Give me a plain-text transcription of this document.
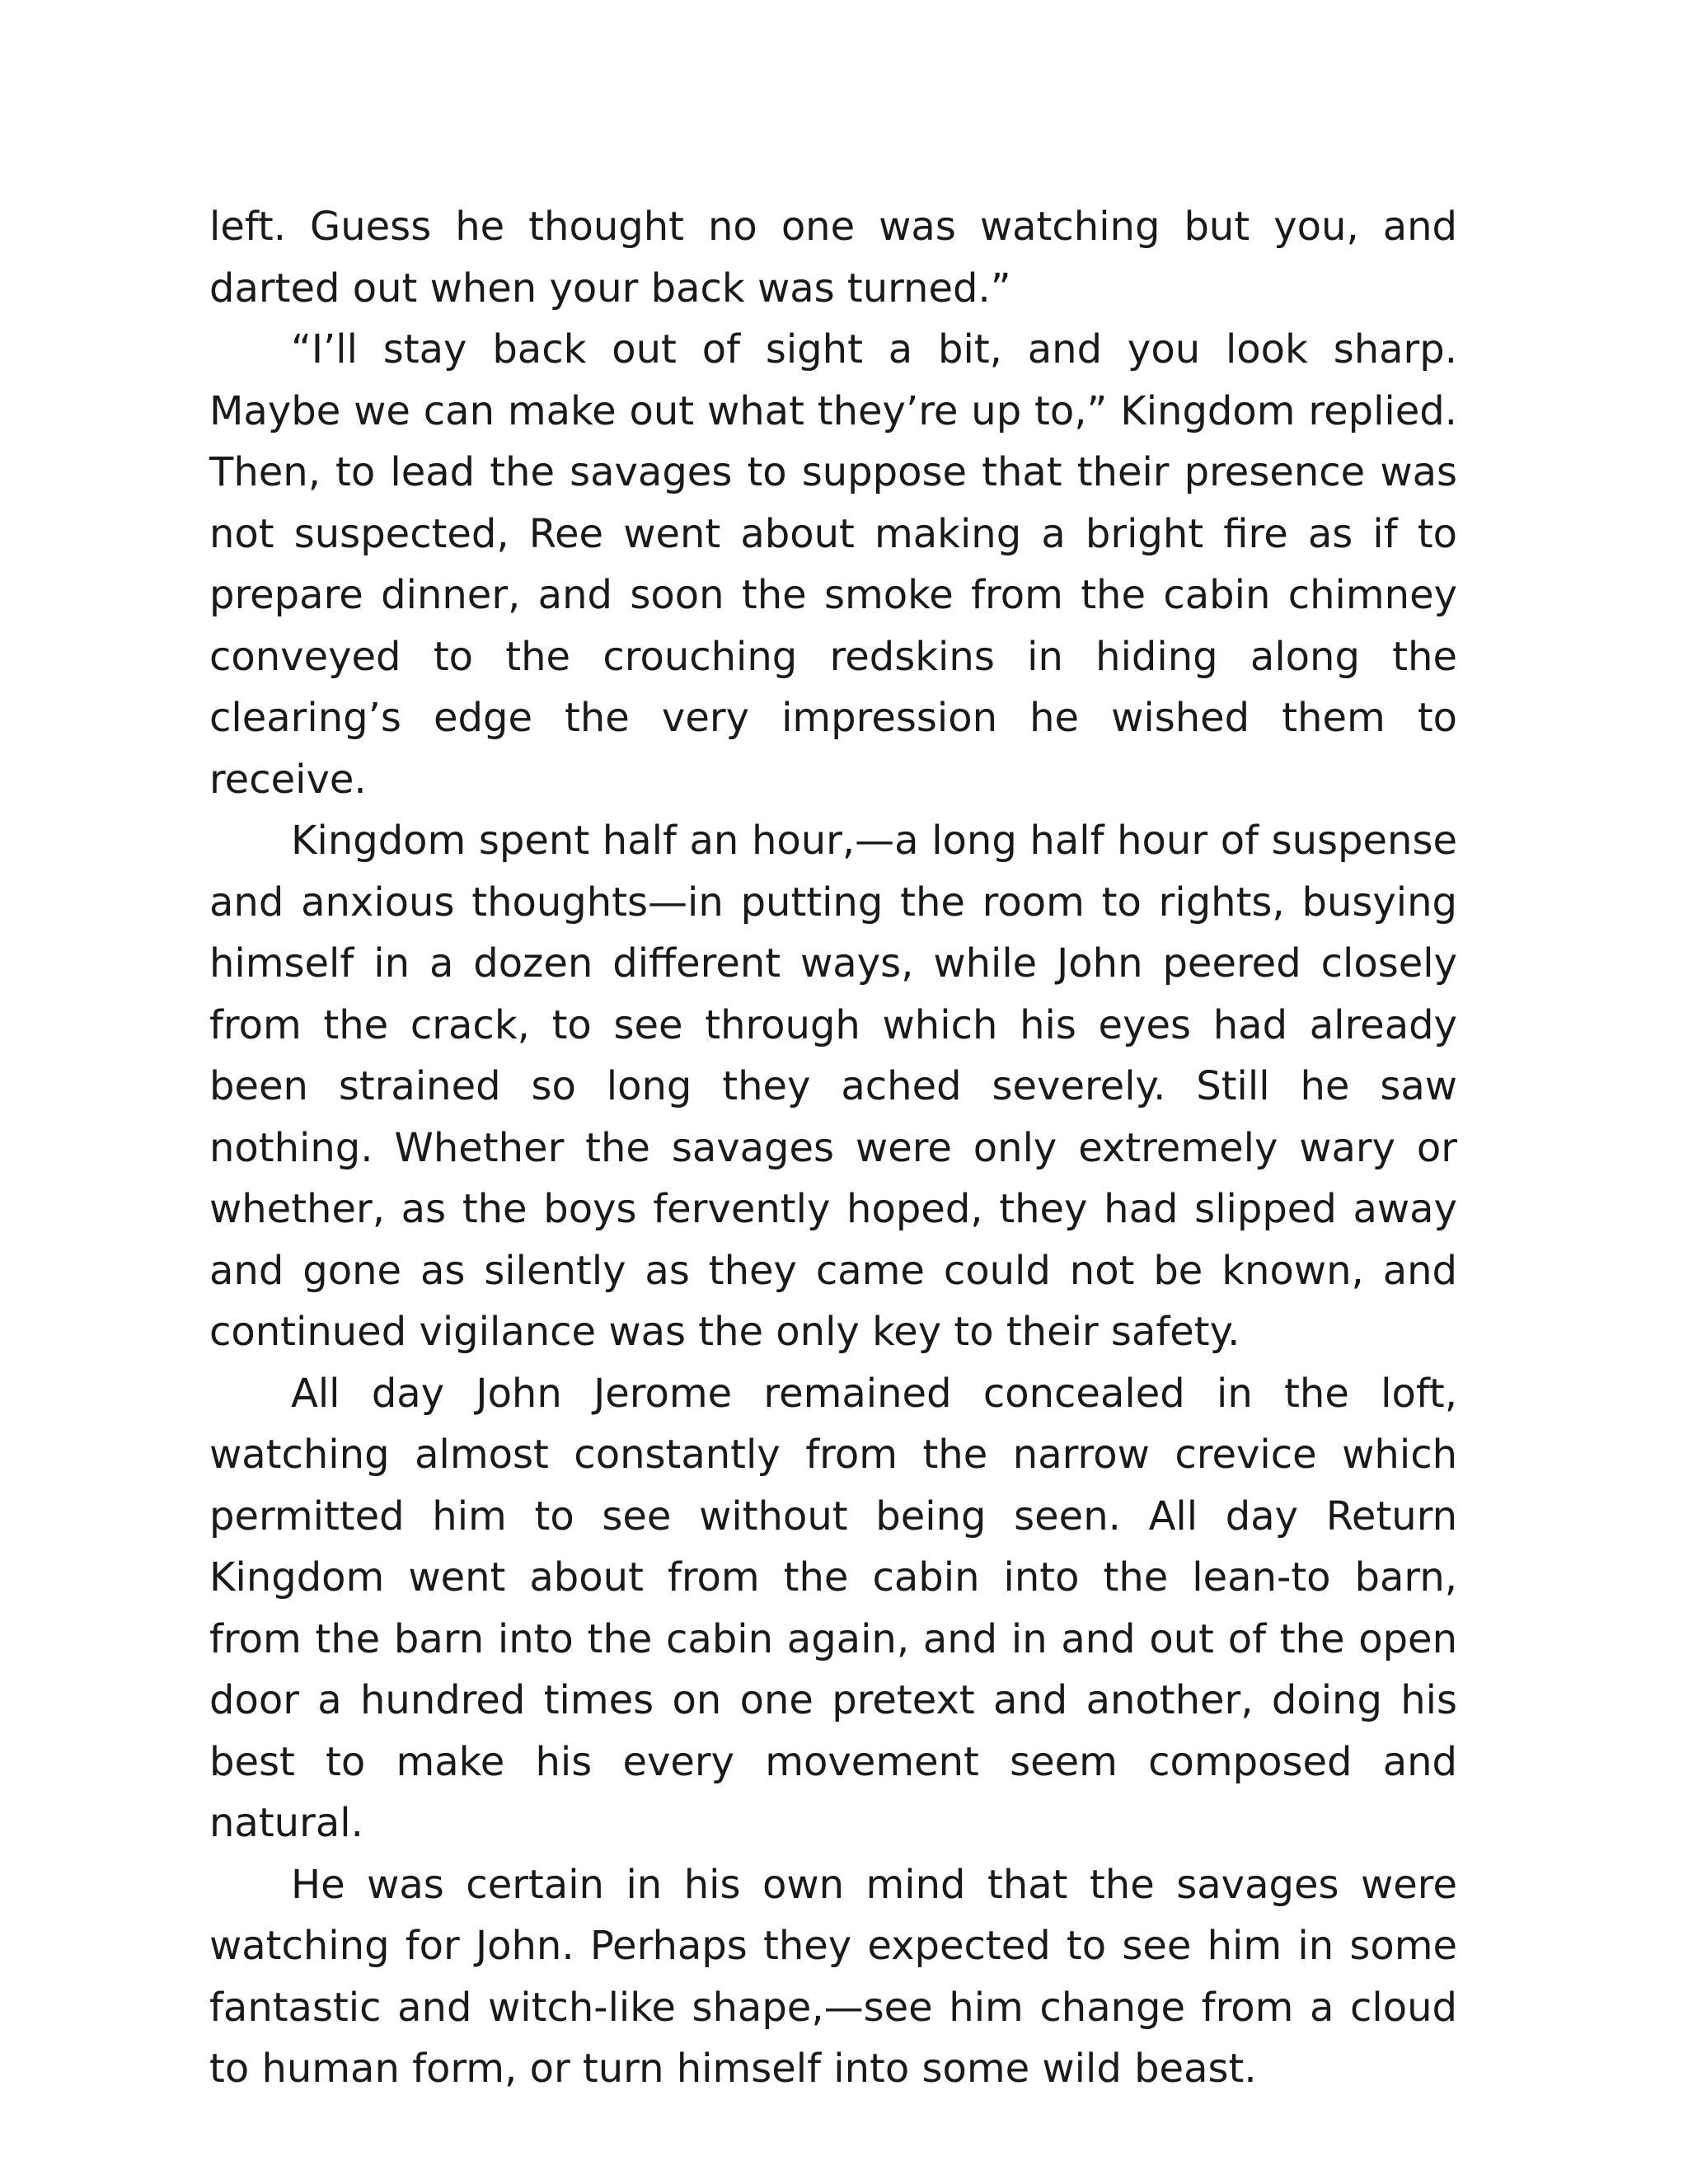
left. Guess he thought no one was watching but you, and darted out when your back was turned.”

“I’ll stay back out of sight a bit, and you look sharp. Maybe we can make out what they’re up to,” Kingdom replied. Then, to lead the savages to suppose that their presence was not suspected, Ree went about making a bright fire as if to prepare dinner, and soon the smoke from the cabin chimney conveyed to the crouching redskins in hiding along the clearing’s edge the very impression he wished them to receive.

Kingdom spent half an hour,—a long half hour of suspense and anxious thoughts—in putting the room to rights, busying himself in a dozen different ways, while John peered closely from the crack, to see through which his eyes had already been strained so long they ached severely. Still he saw nothing. Whether the savages were only extremely wary or whether, as the boys fervently hoped, they had slipped away and gone as silently as they came could not be known, and continued vigilance was the only key to their safety.

All day John Jerome remained concealed in the loft, watching almost constantly from the narrow crevice which permitted him to see without being seen. All day Return Kingdom went about from the cabin into the lean-to barn, from the barn into the cabin again, and in and out of the open door a hundred times on one pretext and another, doing his best to make his every movement seem composed and natural.

He was certain in his own mind that the savages were watching for John. Perhaps they expected to see him in some fantastic and witch-like shape,—see him change from a cloud to human form, or turn himself into some wild beast.
